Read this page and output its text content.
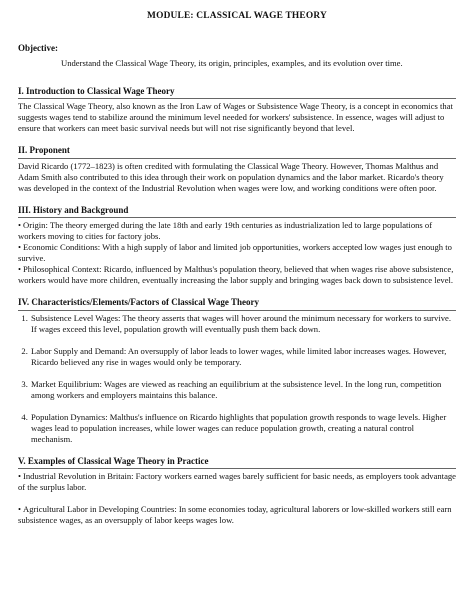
MODULE: CLASSICAL WAGE THEORY
Objective:
Understand the Classical Wage Theory, its origin, principles, examples, and its evolution over time.
I. Introduction to Classical Wage Theory

The Classical Wage Theory, also known as the Iron Law of Wages or Subsistence Wage Theory, is a concept in economics that suggests wages tend to stabilize around the minimum level needed for workers' subsistence. In essence, wages will adjust to ensure that workers can meet basic survival needs but will not rise significantly beyond that level.

II. Proponent

David Ricardo (1772–1823) is often credited with formulating the Classical Wage Theory. However, Thomas Malthus and Adam Smith also contributed to this idea through their work on population dynamics and the labor market. Ricardo's theory was developed in the context of the Industrial Revolution when wages were low, and working conditions were often poor.

III. History and Background

• Origin: The theory emerged during the late 18th and early 19th centuries as industrialization led to large populations of workers moving to cities for factory jobs.

• Economic Conditions: With a high supply of labor and limited job opportunities, workers accepted low wages just enough to survive.

• Philosophical Context: Ricardo, influenced by Malthus's population theory, believed that when wages rise above subsistence, workers would have more children, eventually increasing the labor supply and bringing wages back down to subsistence level.

IV. Characteristics/Elements/Factors of Classical Wage Theory
1. Subsistence Level Wages: The theory asserts that wages will hover around the minimum necessary for workers to survive. If wages exceed this level, population growth will eventually push them back down.
2. Labor Supply and Demand: An oversupply of labor leads to lower wages, while limited labor increases wages. However, Ricardo believed any rise in wages would only be temporary.
3. Market Equilibrium: Wages are viewed as reaching an equilibrium at the subsistence level. In the long run, competition among workers and employers maintains this balance.
4. Population Dynamics: Malthus's influence on Ricardo highlights that population growth responds to wage levels. Higher wages lead to population increases, while lower wages can reduce population growth, creating a natural control mechanism.
V. Examples of Classical Wage Theory in Practice

• Industrial Revolution in Britain: Factory workers earned wages barely sufficient for basic needs, as employers took advantage of the surplus labor.

• Agricultural Labor in Developing Countries: In some economies today, agricultural laborers or low-skilled workers still earn subsistence wages, as an oversupply of labor keeps wages low.
